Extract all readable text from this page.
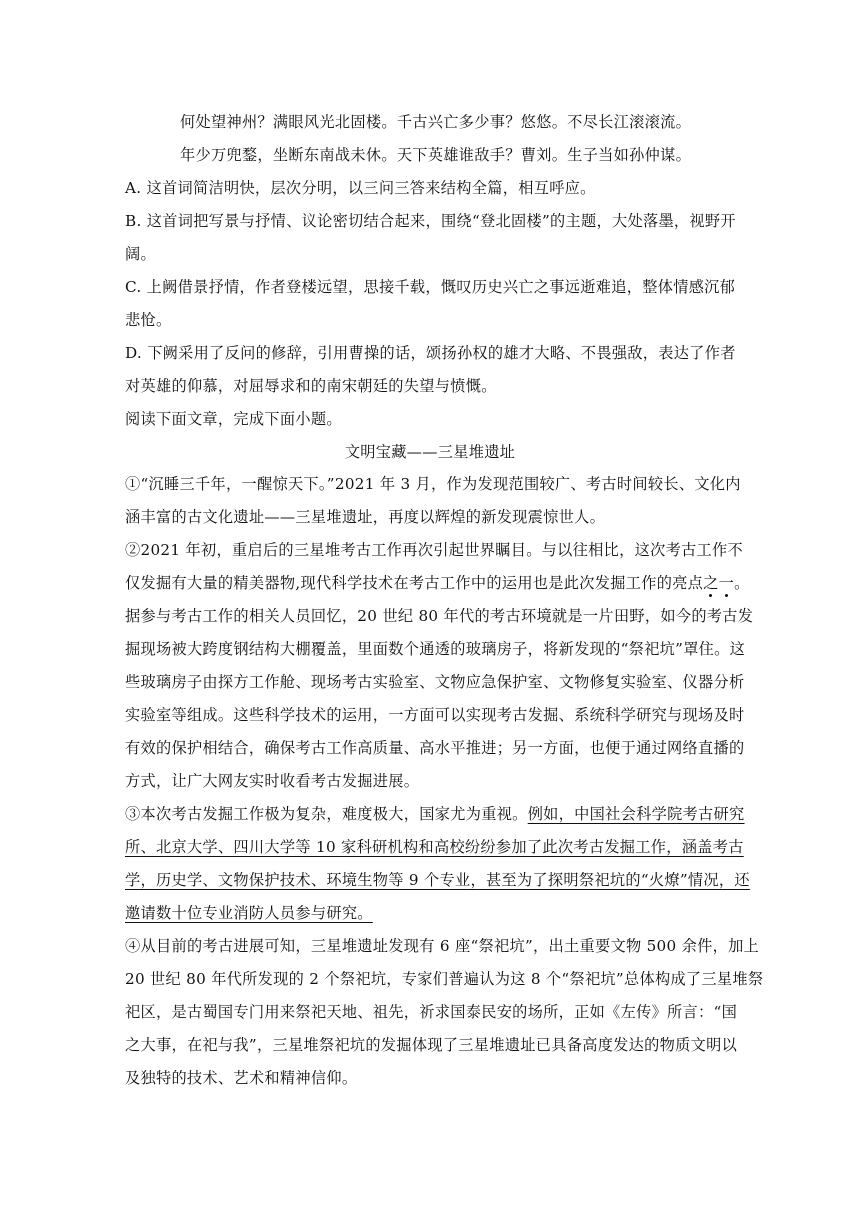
何处望神州？满眼风光北固楼。千古兴亡多少事？悠悠。不尽长江滚滚流。
年少万兜鍪，坐断东南战未休。天下英雄谁敌手？曹刘。生子当如孙仲谋。
A. 这首词简洁明快，层次分明，以三问三答来结构全篇，相互呼应。
B. 这首词把写景与抒情、议论密切结合起来，围绕“登北固楼”的主题，大处落墨，视野开
阔。
C. 上阙借景抒情，作者登楼远望，思接千载，慨叹历史兴亡之事远逝难追，整体情感沉郁
悲怆。
D. 下阙采用了反问的修辞，引用曹操的话，颂扬孙权的雄才大略、不畏强敌，表达了作者
对英雄的仰慕，对屈辱求和的南宋朝廷的失望与愤慨。
阅读下面文章，完成下面小题。
文明宝藏——三星堆遗址
①“沉睡三千年，一醒惊天下。”2021 年 3 月，作为发现范围较广、考古时间较长、文化内
涵丰富的古文化遗址——三星堆遗址，再度以辉煌的新发现震惊世人。
②2021 年初，重启后的三星堆考古工作再次引起世界瞩目。与以往相比，这次考古工作不
仅发掘有大量的精美器物,现代科学技术在考古工作中的运用也是此次发掘工作的亮点之一。
据参与考古工作的相关人员回忆，20 世纪 80 年代的考古环境就是一片田野，如今的考古发
掘现场被大跨度钢结构大棚覆盖，里面数个通透的玻璃房子，将新发现的“祭祀坑”罩住。这
些玻璃房子由探方工作舱、现场考古实验室、文物应急保护室、文物修复实验室、仪器分析
实验室等组成。这些科学技术的运用，一方面可以实现考古发掘、系统科学研究与现场及时
有效的保护相结合，确保考古工作高质量、高水平推进；另一方面，也便于通过网络直播的
方式，让广大网友实时收看考古发掘进展。
③本次考古发掘工作极为复杂，难度极大，国家尤为重视。例如，中国社会科学院考古研究
所、北京大学、四川大学等 10 家科研机构和高校纷纷参加了此次考古发掘工作，涵盖考古
学，历史学、文物保护技术、环境生物等 9 个专业，甚至为了探明祭祀坑的“火燎”情况，还
邀请数十位专业消防人员参与研究。
④从目前的考古进展可知，三星堆遗址发现有 6 座“祭祀坑”，出土重要文物 500 余件，加上
20 世纪 80 年代所发现的 2 个祭祀坑，专家们普遍认为这 8 个“祭祀坑”总体构成了三星堆祭
祀区，是古蜀国专门用来祭祀天地、祖先，祈求国泰民安的场所，正如《左传》所言：“国
之大事，在祀与我”，三星堆祭祀坑的发掘体现了三星堆遗址已具备高度发达的物质文明以
及独特的技术、艺术和精神信仰。
